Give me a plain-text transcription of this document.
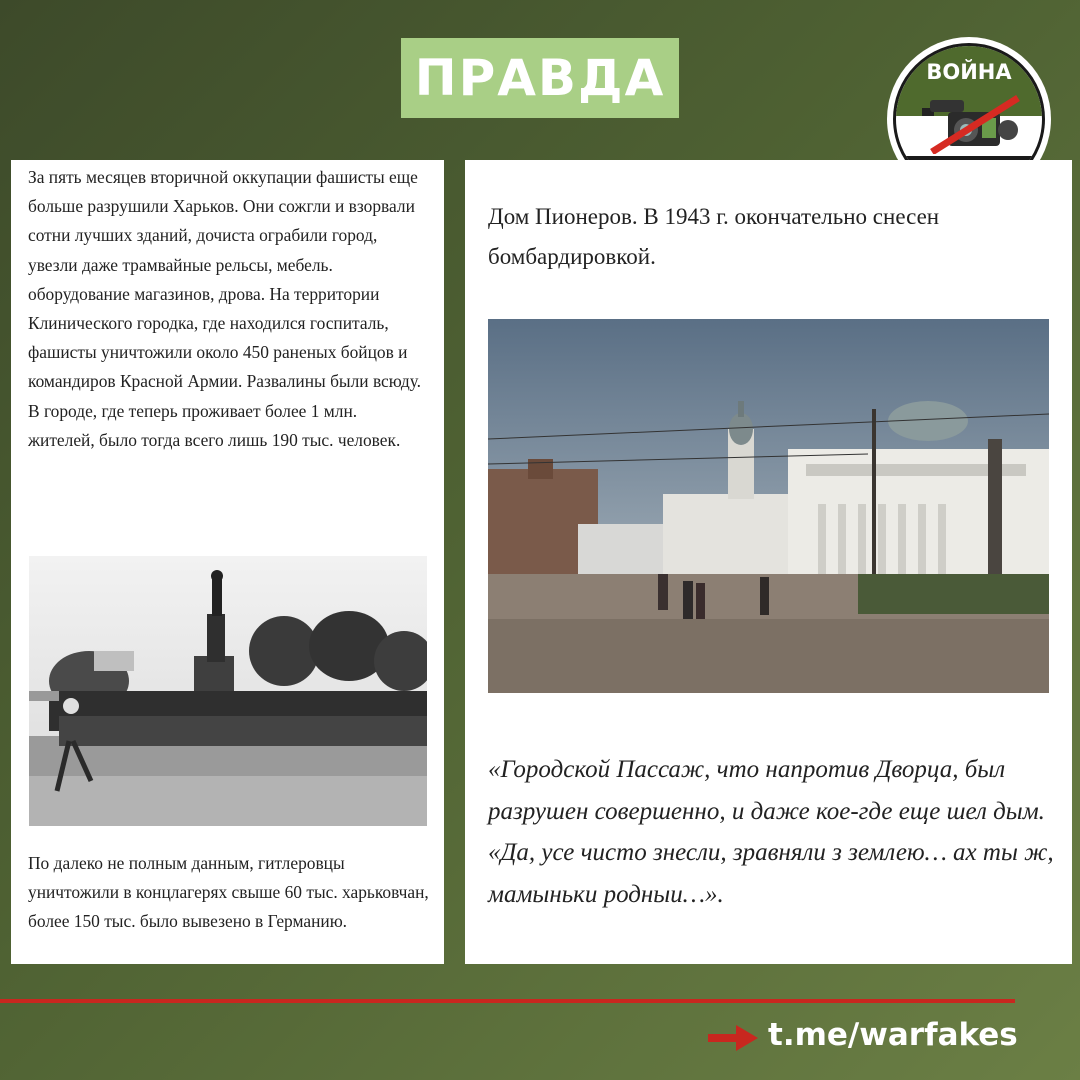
ПРАВДА	ВОЙНА
За пять месяцев вторичной оккупации фашисты еще больше разрушили Харьков. Они сожгли и взорвали сотни лучших зданий, дочиста ограбили город, увезли даже трамвайные рельсы, мебель. оборудование магазинов, дрова. На территории Клинического городка, где находился госпиталь, фашисты уничтожили около 450 раненых бойцов и командиров Красной Армии. Развалины были всюду. В городе, где теперь проживает более 1 млн. жителей, было тогда всего лишь 190 тыс. человек.
По далеко не полным данным, гитлеровцы уничтожили в концлагерях свыше 60 тыс. харьковчан, более 150 тыс. было вывезено в Германию.
Дом Пионеров. В 1943 г. окончательно снесен бомбардировкой.
«Городской Пассаж, что напротив Дворца, был разрушен совершенно, и даже кое-где еще шел дым. «Да, усе чисто знесли, зравняли з землею… ах ты ж, мамыньки родныи…».
t.me/warfakes
